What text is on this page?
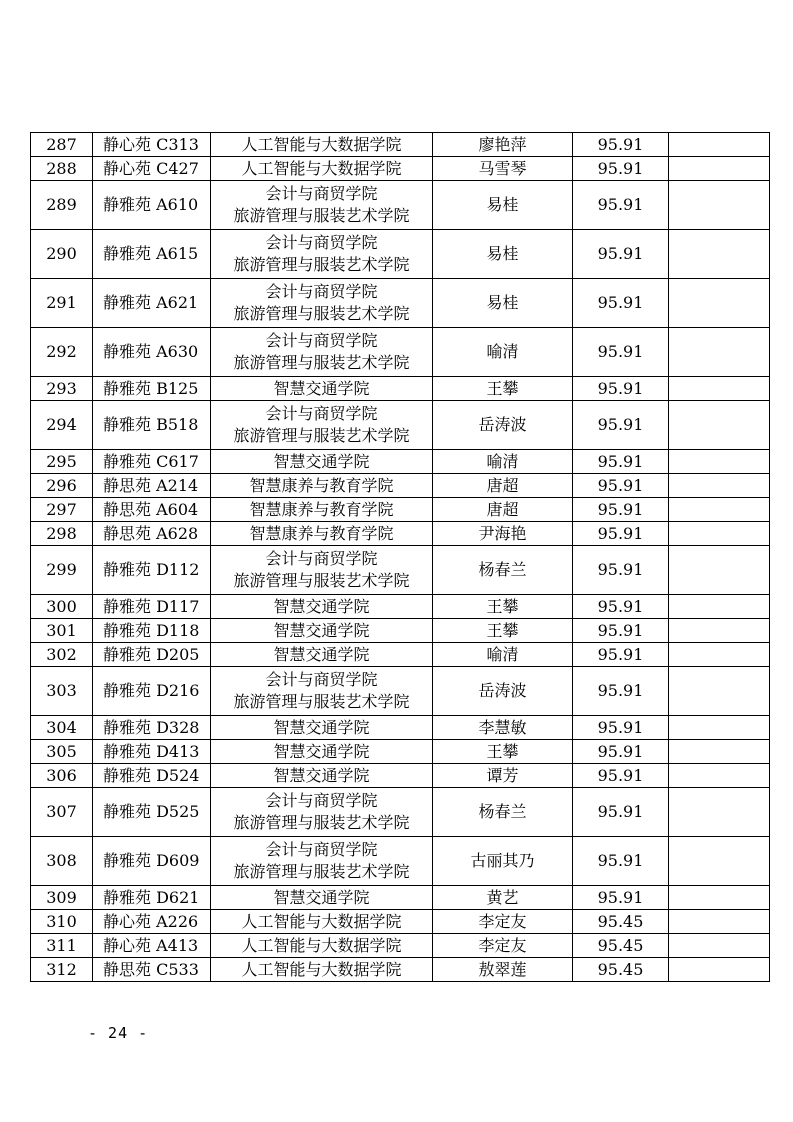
287	静心苑 C313	人工智能与大数据学院	廖艳萍	95.91	
288	静心苑 C427	人工智能与大数据学院	马雪琴	95.91	
289	静雅苑 A610	会计与商贸学院
旅游管理与服装艺术学院	易桂	95.91	
290	静雅苑 A615	会计与商贸学院
旅游管理与服装艺术学院	易桂	95.91	
291	静雅苑 A621	会计与商贸学院
旅游管理与服装艺术学院	易桂	95.91	
292	静雅苑 A630	会计与商贸学院
旅游管理与服装艺术学院	喻清	95.91	
293	静雅苑 B125	智慧交通学院	王攀	95.91	
294	静雅苑 B518	会计与商贸学院
旅游管理与服装艺术学院	岳涛波	95.91	
295	静雅苑 C617	智慧交通学院	喻清	95.91	
296	静思苑 A214	智慧康养与教育学院	唐超	95.91	
297	静思苑 A604	智慧康养与教育学院	唐超	95.91	
298	静思苑 A628	智慧康养与教育学院	尹海艳	95.91	
299	静雅苑 D112	会计与商贸学院
旅游管理与服装艺术学院	杨春兰	95.91	
300	静雅苑 D117	智慧交通学院	王攀	95.91	
301	静雅苑 D118	智慧交通学院	王攀	95.91	
302	静雅苑 D205	智慧交通学院	喻清	95.91	
303	静雅苑 D216	会计与商贸学院
旅游管理与服装艺术学院	岳涛波	95.91	
304	静雅苑 D328	智慧交通学院	李慧敏	95.91	
305	静雅苑 D413	智慧交通学院	王攀	95.91	
306	静雅苑 D524	智慧交通学院	谭芳	95.91	
307	静雅苑 D525	会计与商贸学院
旅游管理与服装艺术学院	杨春兰	95.91	
308	静雅苑 D609	会计与商贸学院
旅游管理与服装艺术学院	古丽其乃	95.91	
309	静雅苑 D621	智慧交通学院	黄艺	95.91	
310	静心苑 A226	人工智能与大数据学院	李定友	95.45	
311	静心苑 A413	人工智能与大数据学院	李定友	95.45	
312	静思苑 C533	人工智能与大数据学院	敖翠莲	95.45	
- 24 -
